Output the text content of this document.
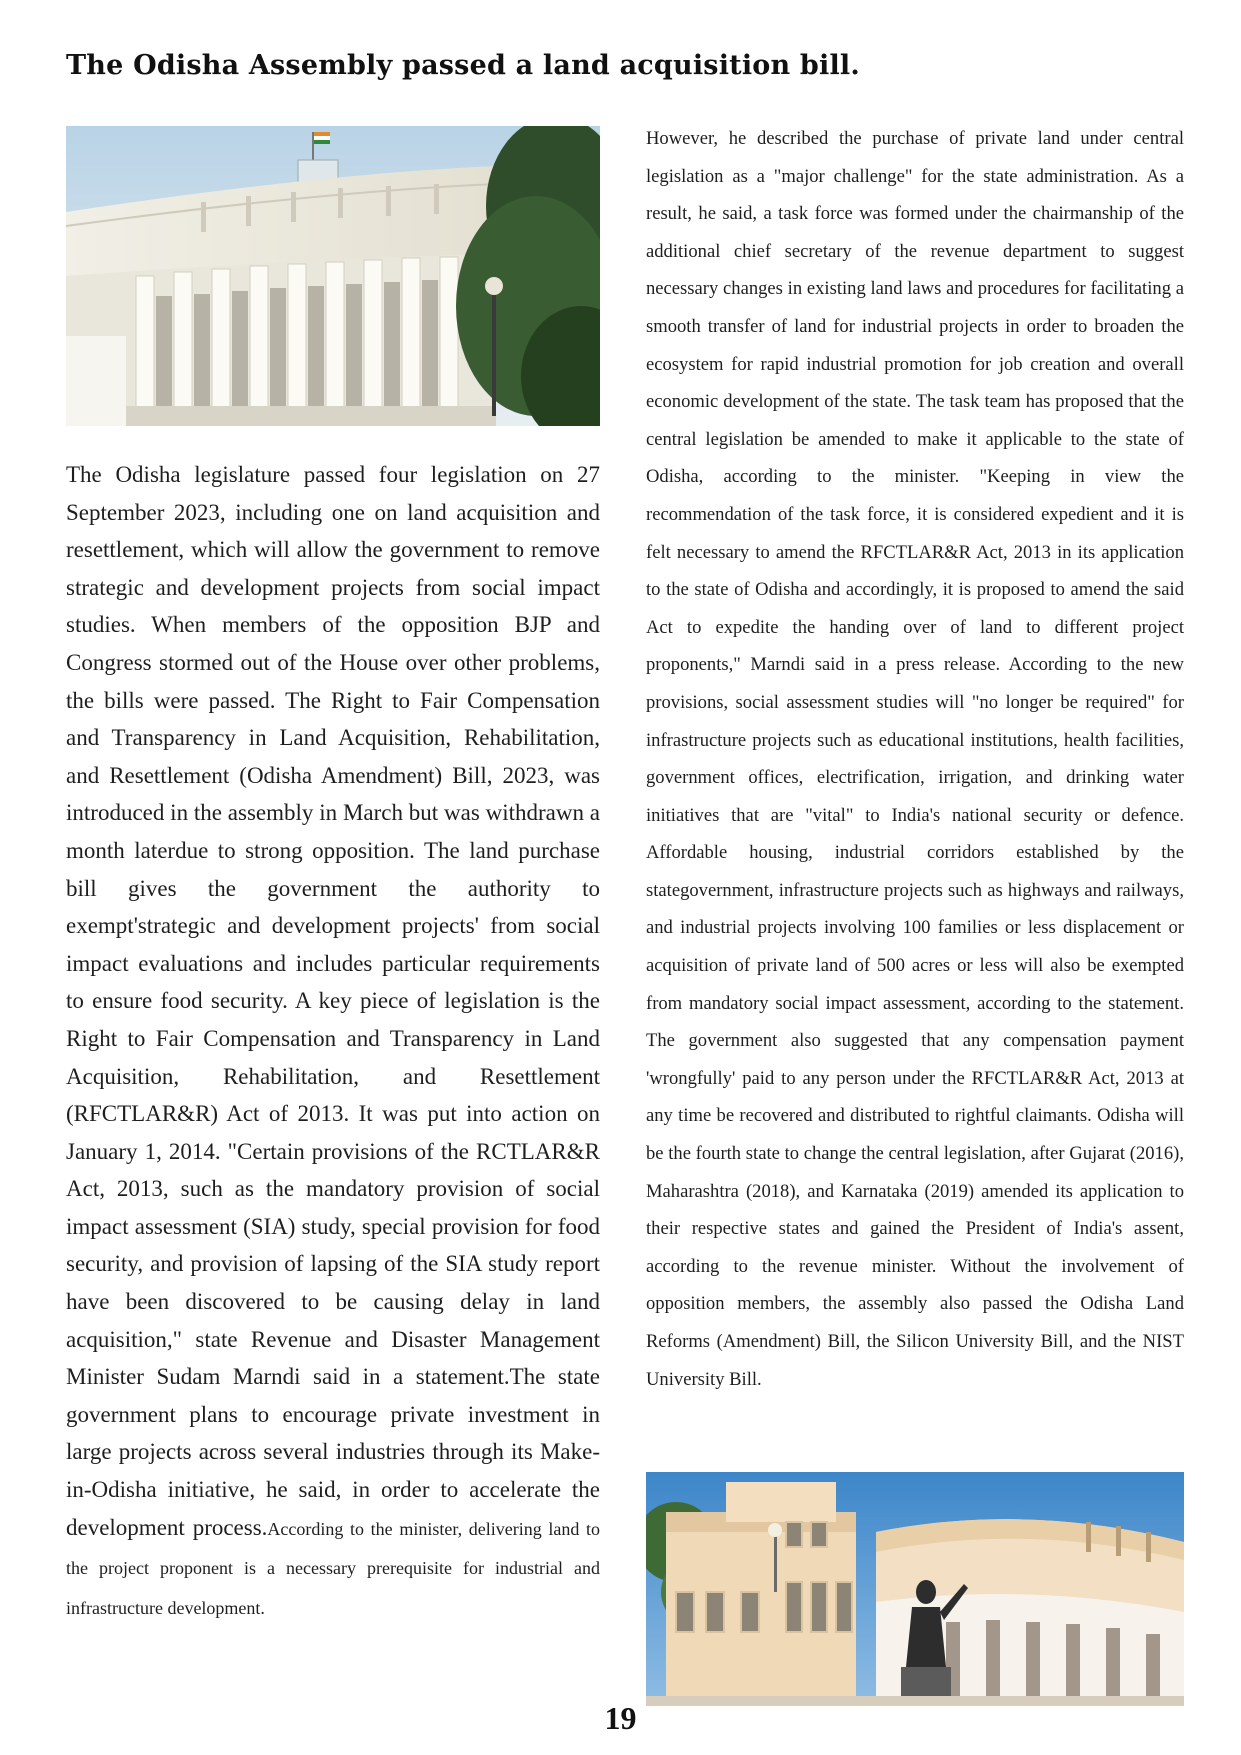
The Odisha Assembly passed a land acquisition bill.
The Odisha legislature passed four legislation on 27 September 2023, including one on land acquisition and resettlement, which will allow the government to remove strategic and development projects from social impact studies. When members of the opposition BJP and Congress stormed out of the House over other problems, the bills were passed. The Right to Fair Compensation and Transparency in Land Acquisition, Rehabilitation, and Resettlement (Odisha Amendment) Bill, 2023, was introduced in the assembly in March but was withdrawn a month laterdue to strong opposition. The land purchase bill gives the government the authority to exempt'strategic and development projects' from social impact evaluations and includes particular requirements to ensure food security. A key piece of legislation is the Right to Fair Compensation and Transparency in Land Acquisition, Rehabilitation, and Resettlement (RFCTLAR&R) Act of 2013. It was put into action on January 1, 2014. "Certain provisions of the RCTLAR&R Act, 2013, such as the mandatory provision of social impact assessment (SIA) study, special provision for food security, and provision of lapsing of the SIA study report have been discovered to be causing delay in land acquisition," state Revenue and Disaster Management Minister Sudam Marndi said in a statement.The state government plans to encourage private investment in large projects across several industries through its Make-in-Odisha initiative, he said, in order to accelerate the development process.According to the minister, delivering land to the project proponent is a necessary prerequisite for industrial and infrastructure development.
However, he described the purchase of private land under central legislation as a "major challenge" for the state administration. As a result, he said, a task force was formed under the chairmanship of the additional chief secretary of the revenue department to suggest necessary changes in existing land laws and procedures for facilitating a smooth transfer of land for industrial projects in order to broaden the ecosystem for rapid industrial promotion for job creation and overall economic development of the state. The task team has proposed that the central legislation be amended to make it applicable to the state of Odisha, according to the minister. "Keeping in view the recommendation of the task force, it is considered expedient and it is felt necessary to amend the RFCTLAR&R Act, 2013 in its application to the state of Odisha and accordingly, it is proposed to amend the said Act to expedite the handing over of land to different project proponents," Marndi said in a press release. According to the new provisions, social assessment studies will "no longer be required" for infrastructure projects such as educational institutions, health facilities, government offices, electrification, irrigation, and drinking water initiatives that are "vital" to India's national security or defence. Affordable housing, industrial corridors established by the stategovernment, infrastructure projects such as highways and railways, and industrial projects involving 100 families or less displacement or acquisition of private land of 500 acres or less will also be exempted from mandatory social impact assessment, according to the statement. The government also suggested that any compensation payment 'wrongfully' paid to any person under the RFCTLAR&R Act, 2013 at any time be recovered and distributed to rightful claimants. Odisha will be the fourth state to change the central legislation, after Gujarat (2016), Maharashtra (2018), and Karnataka (2019) amended its application to their respective states and gained the President of India's assent, according to the revenue minister. Without the involvement of opposition members, the assembly also passed the Odisha Land Reforms (Amendment) Bill, the Silicon University Bill, and the NIST University Bill.
19
